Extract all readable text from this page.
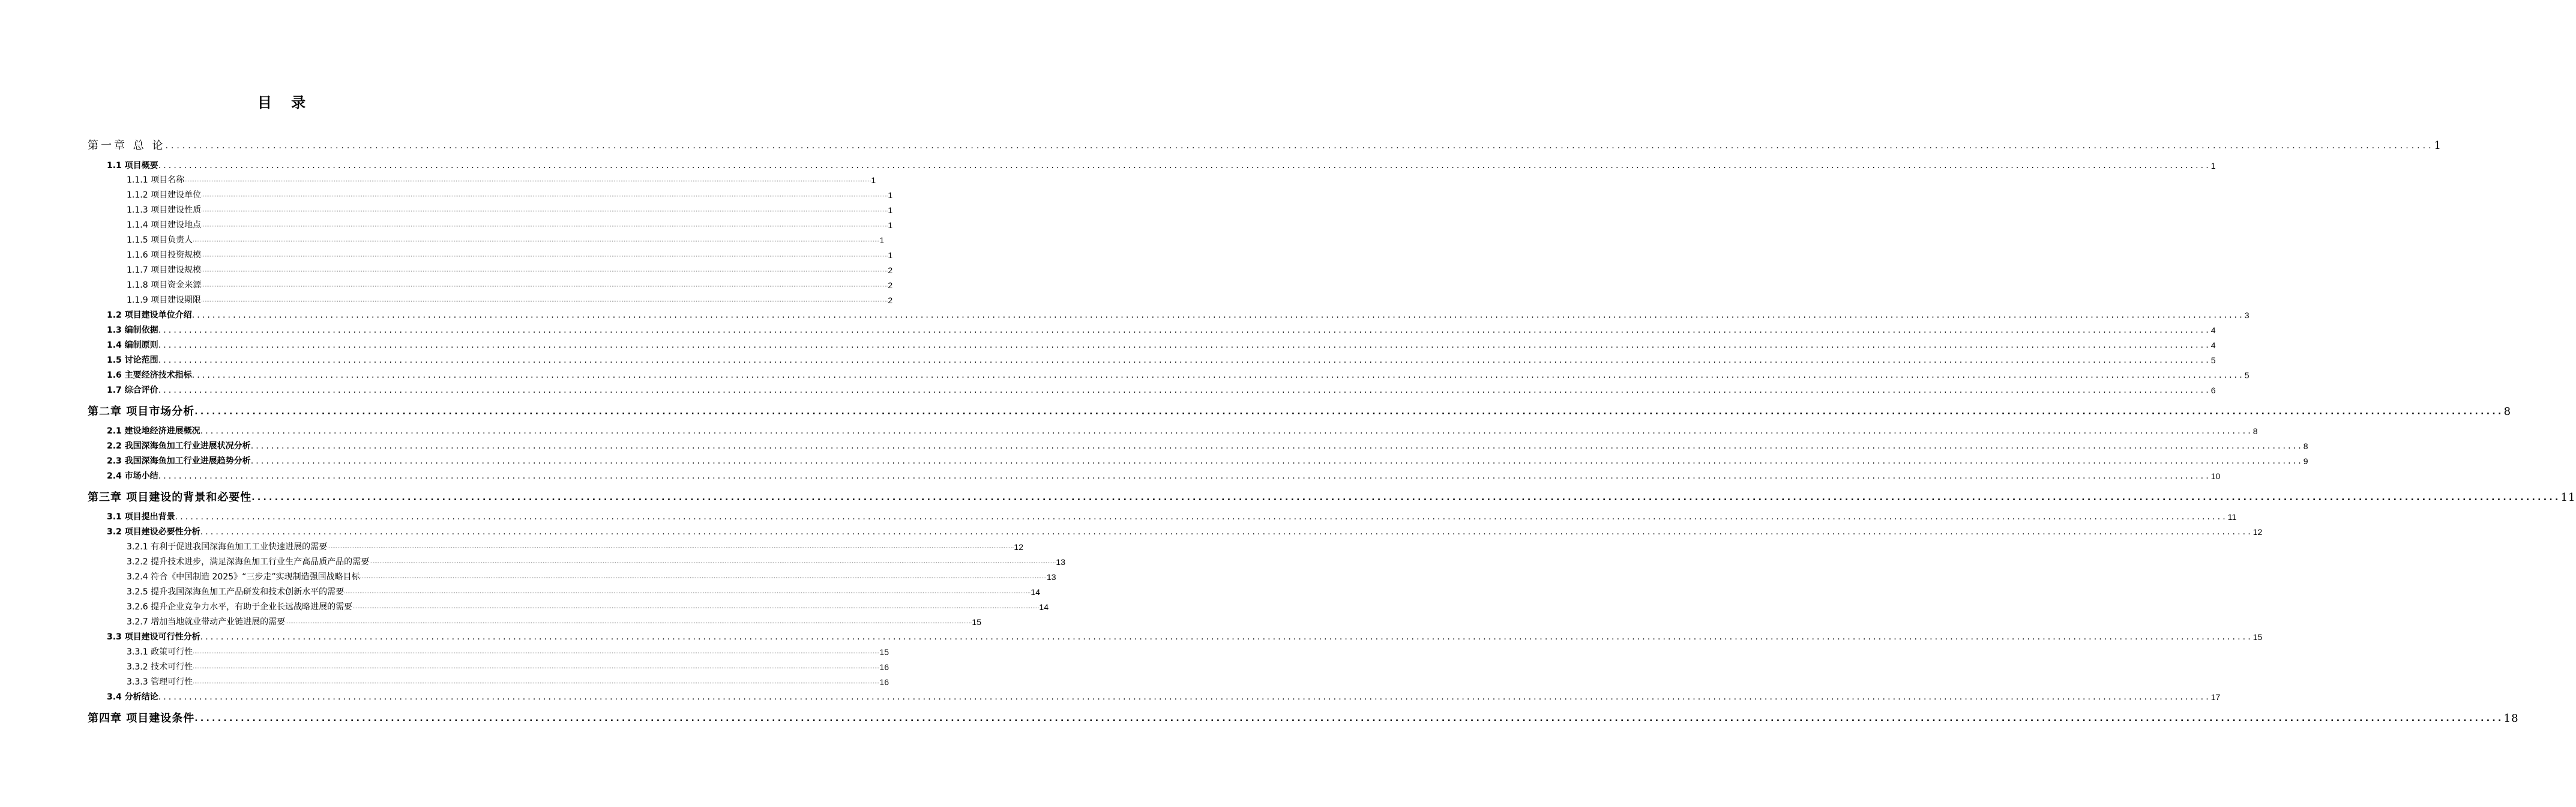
目 录
第一章 总 论 ................................................................................................................................................................................................................................................................................................................................................................................................................ 1
1.1 项目概要 ................................................................................................................................................................................................................................................................................................................................................................................................................ 1
1.1.1 项目名称 ................................................................................................................................................................................................................................................................................................................................................................................................................ 1
1.1.2 项目建设单位 ................................................................................................................................................................................................................................................................................................................................................................................................................ 1
1.1.3 项目建设性质 ................................................................................................................................................................................................................................................................................................................................................................................................................ 1
1.1.4 项目建设地点 ................................................................................................................................................................................................................................................................................................................................................................................................................ 1
1.1.5 项目负责人 ................................................................................................................................................................................................................................................................................................................................................................................................................ 1
1.1.6 项目投资规模 ................................................................................................................................................................................................................................................................................................................................................................................................................ 1
1.1.7 项目建设规模 ................................................................................................................................................................................................................................................................................................................................................................................................................ 2
1.1.8 项目资金来源 ................................................................................................................................................................................................................................................................................................................................................................................................................ 2
1.1.9 项目建设期限 ................................................................................................................................................................................................................................................................................................................................................................................................................ 2
1.2 项目建设单位介绍 ................................................................................................................................................................................................................................................................................................................................................................................................................ 3
1.3 编制依据 ................................................................................................................................................................................................................................................................................................................................................................................................................ 4
1.4 编制原则 ................................................................................................................................................................................................................................................................................................................................................................................................................ 4
1.5 讨论范围 ................................................................................................................................................................................................................................................................................................................................................................................................................ 5
1.6 主要经济技术指标 ................................................................................................................................................................................................................................................................................................................................................................................................................ 5
1.7 综合评价 ................................................................................................................................................................................................................................................................................................................................................................................................................ 6
第二章 项目市场分析 ................................................................................................................................................................................................................................................................................................................................................................................................................ 8
2.1 建设地经济进展概况 ................................................................................................................................................................................................................................................................................................................................................................................................................ 8
2.2 我国深海鱼加工行业进展状况分析 ................................................................................................................................................................................................................................................................................................................................................................................................................ 8
2.3 我国深海鱼加工行业进展趋势分析 ................................................................................................................................................................................................................................................................................................................................................................................................................ 9
2.4 市场小结 ................................................................................................................................................................................................................................................................................................................................................................................................................ 10
第三章 项目建设的背景和必要性 ................................................................................................................................................................................................................................................................................................................................................................................................................ 11
3.1 项目提出背景 ................................................................................................................................................................................................................................................................................................................................................................................................................ 11
3.2 项目建设必要性分析 ................................................................................................................................................................................................................................................................................................................................................................................................................ 12
3.2.1 有利于促进我国深海鱼加工工业快速进展的需要 ................................................................................................................................................................................................................................................................................................................................................................................................................ 12
3.2.2 提升技术进步，满足深海鱼加工行业生产高品质产品的需要 ................................................................................................................................................................................................................................................................................................................................................................................................................ 13
3.2.4 符合《中国制造 2025》“三步走”实现制造强国战略目标 ................................................................................................................................................................................................................................................................................................................................................................................................................ 13
3.2.5 提升我国深海鱼加工产品研发和技术创新水平的需要 ................................................................................................................................................................................................................................................................................................................................................................................................................ 14
3.2.6 提升企业竞争力水平，有助于企业长远战略进展的需要 ................................................................................................................................................................................................................................................................................................................................................................................................................ 14
3.2.7 增加当地就业带动产业链进展的需要 ................................................................................................................................................................................................................................................................................................................................................................................................................ 15
3.3 项目建设可行性分析 ................................................................................................................................................................................................................................................................................................................................................................................................................ 15
3.3.1 政策可行性 ................................................................................................................................................................................................................................................................................................................................................................................................................ 15
3.3.2 技术可行性 ................................................................................................................................................................................................................................................................................................................................................................................................................ 16
3.3.3 管理可行性 ................................................................................................................................................................................................................................................................................................................................................................................................................ 16
3.4 分析结论 ................................................................................................................................................................................................................................................................................................................................................................................................................ 17
第四章 项目建设条件 ................................................................................................................................................................................................................................................................................................................................................................................................................ 18
